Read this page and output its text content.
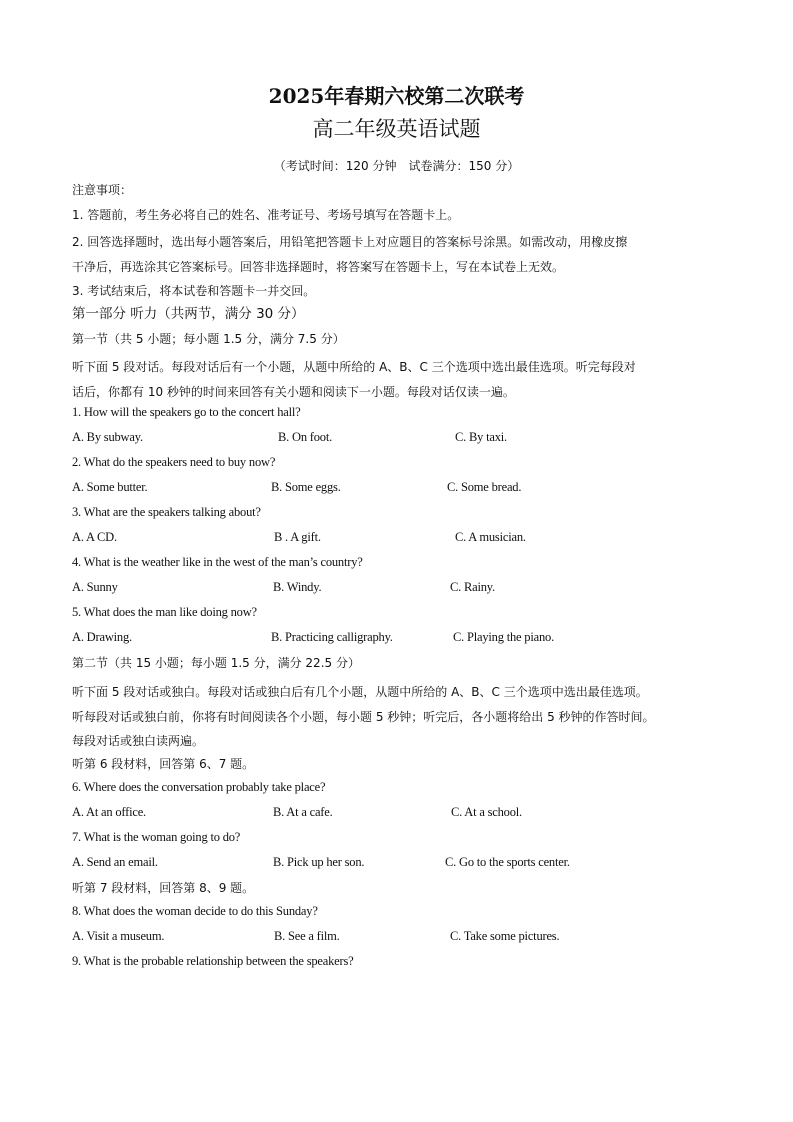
2025年春期六校第二次联考
高二年级英语试题
（考试时间：120 分钟　试卷满分：150 分）
注意事项：
1. 答题前，考生务必将自己的姓名、准考证号、考场号填写在答题卡上。
2. 回答选择题时，选出每小题答案后，用铅笔把答题卡上对应题目的答案标号涂黑。如需改动，用橡皮擦
干净后，再选涂其它答案标号。回答非选择题时，将答案写在答题卡上，写在本试卷上无效。
3. 考试结束后，将本试卷和答题卡一并交回。
第一部分 听力（共两节，满分 30 分）
第一节（共 5 小题；每小题 1.5 分，满分 7.5 分）
听下面 5 段对话。每段对话后有一个小题，从题中所给的 A、B、C 三个选项中选出最佳选项。听完每段对
话后，你都有 10 秒钟的时间来回答有关小题和阅读下一小题。每段对话仅读一遍。
1. How will the speakers go to the concert hall?
A. By subway.	B. On foot.	C. By taxi.
2. What do the speakers need to buy now?
A. Some butter.	B. Some eggs.	C. Some bread.
3. What are the speakers talking about?
A. A CD.	B . A gift.	C. A musician.
4. What is the weather like in the west of the man’s country?
A. Sunny	B. Windy.	C. Rainy.
5. What does the man like doing now?
A. Drawing.	B. Practicing calligraphy.	C. Playing the piano.
第二节（共 15 小题；每小题 1.5 分，满分 22.5 分）
听下面 5 段对话或独白。每段对话或独白后有几个小题，从题中所给的 A、B、C 三个选项中选出最佳选项。
听每段对话或独白前，你将有时间阅读各个小题，每小题 5 秒钟；听完后，各小题将给出 5 秒钟的作答时间。
每段对话或独白读两遍。
听第 6 段材料，回答第 6、7 题。
6. Where does the conversation probably take place?
A. At an office.	B. At a cafe.	C. At a school.
7. What is the woman going to do?
A. Send an email.	B. Pick up her son.	C. Go to the sports center.
听第 7 段材料，回答第 8、9 题。
8. What does the woman decide to do this Sunday?
A. Visit a museum.	B. See a film.	C. Take some pictures.
9. What is the probable relationship between the speakers?
